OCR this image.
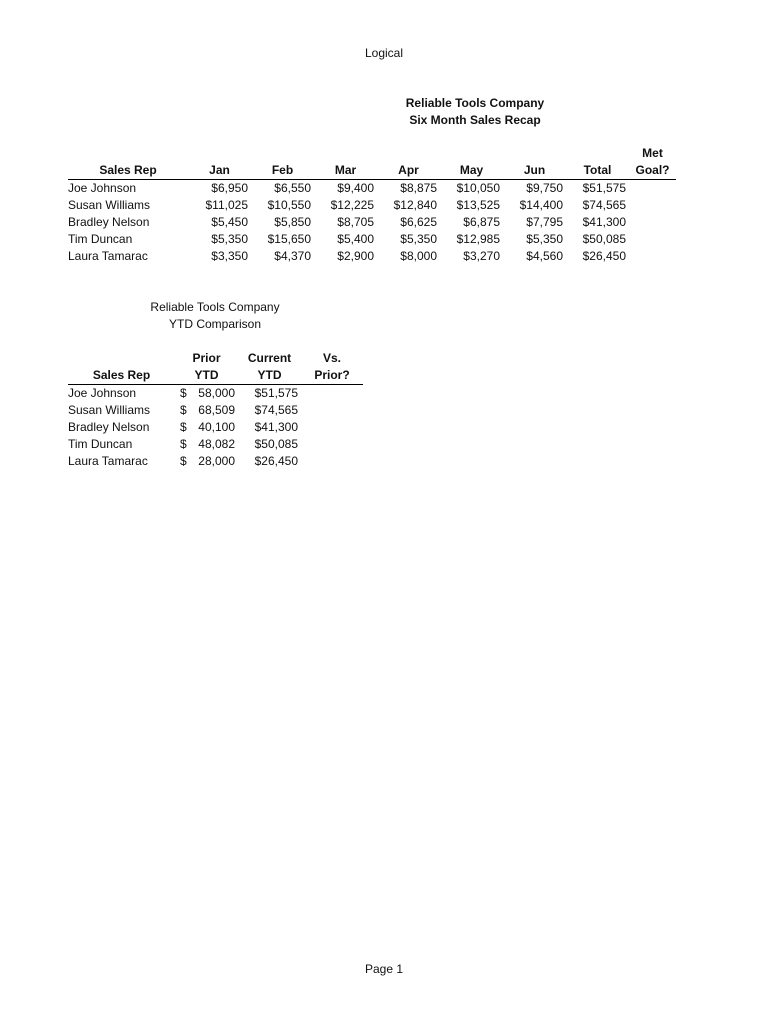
Logical
Reliable Tools Company
Six Month Sales Recap
								Met
Sales Rep	Jan	Feb	Mar	Apr	May	Jun	Total	Goal?
Joe Johnson	$6,950	$6,550	$9,400	$8,875	$10,050	$9,750	$51,575	
Susan Williams	$11,025	$10,550	$12,225	$12,840	$13,525	$14,400	$74,565	
Bradley Nelson	$5,450	$5,850	$8,705	$6,625	$6,875	$7,795	$41,300	
Tim Duncan	$5,350	$15,650	$5,400	$5,350	$12,985	$5,350	$50,085	
Laura Tamarac	$3,350	$4,370	$2,900	$8,000	$3,270	$4,560	$26,450	
Reliable Tools Company
YTD Comparison
	Prior	Current	Vs.
Sales Rep	YTD	YTD	Prior?
Joe Johnson	$ 58,000	$51,575	
Susan Williams	$ 68,509	$74,565	
Bradley Nelson	$ 40,100	$41,300	
Tim Duncan	$ 48,082	$50,085	
Laura Tamarac	$ 28,000	$26,450	
Page 1
